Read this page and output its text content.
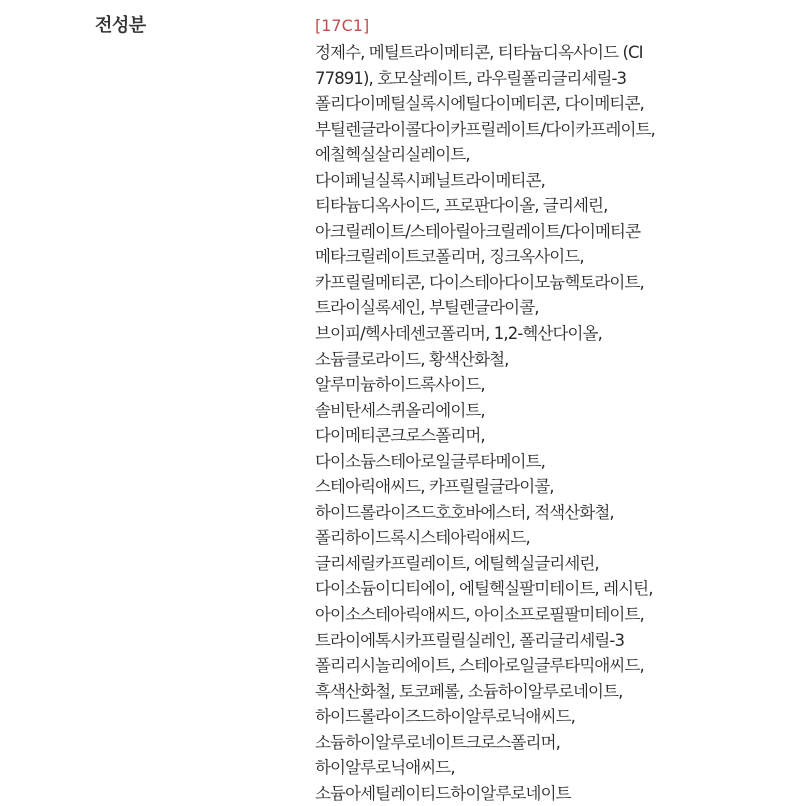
전성분	[17C1]
정제수, 메틸트라이메티콘, 티타늄디옥사이드 (CI
77891), 호모살레이트, 라우릴폴리글리세릴-3
폴리다이메틸실록시에틸다이메티콘, 다이메티콘,
부틸렌글라이콜다이카프릴레이트/다이카프레이트,
에칠헥실살리실레이트,
다이페닐실록시페닐트라이메티콘,
티타늄디옥사이드, 프로판다이올, 글리세린,
아크릴레이트/스테아릴아크릴레이트/다이메티콘
메타크릴레이트코폴리머, 징크옥사이드,
카프릴릴메티콘, 다이스테아다이모늄헥토라이트,
트라이실록세인, 부틸렌글라이콜,
브이피/헥사데센코폴리머, 1,2-헥산다이올,
소듐클로라이드, 황색산화철,
알루미늄하이드록사이드,
솔비탄세스퀴올리에이트,
다이메티콘크로스폴리머,
다이소듐스테아로일글루타메이트,
스테아릭애씨드, 카프릴릴글라이콜,
하이드롤라이즈드호호바에스터, 적색산화철,
폴리하이드록시스테아릭애씨드,
글리세릴카프릴레이트, 에틸헥실글리세린,
다이소듐이디티에이, 에틸헥실팔미테이트, 레시틴,
아이소스테아릭애씨드, 아이소프로필팔미테이트,
트라이에톡시카프릴릴실레인, 폴리글리세릴-3
폴리리시놀리에이트, 스테아로일글루타믹애씨드,
흑색산화철, 토코페롤, 소듐하이알루로네이트,
하이드롤라이즈드하이알루로닉애씨드,
소듐하이알루로네이트크로스폴리머,
하이알루로닉애씨드,
소듐아세틸레이티드하이알루로네이트
